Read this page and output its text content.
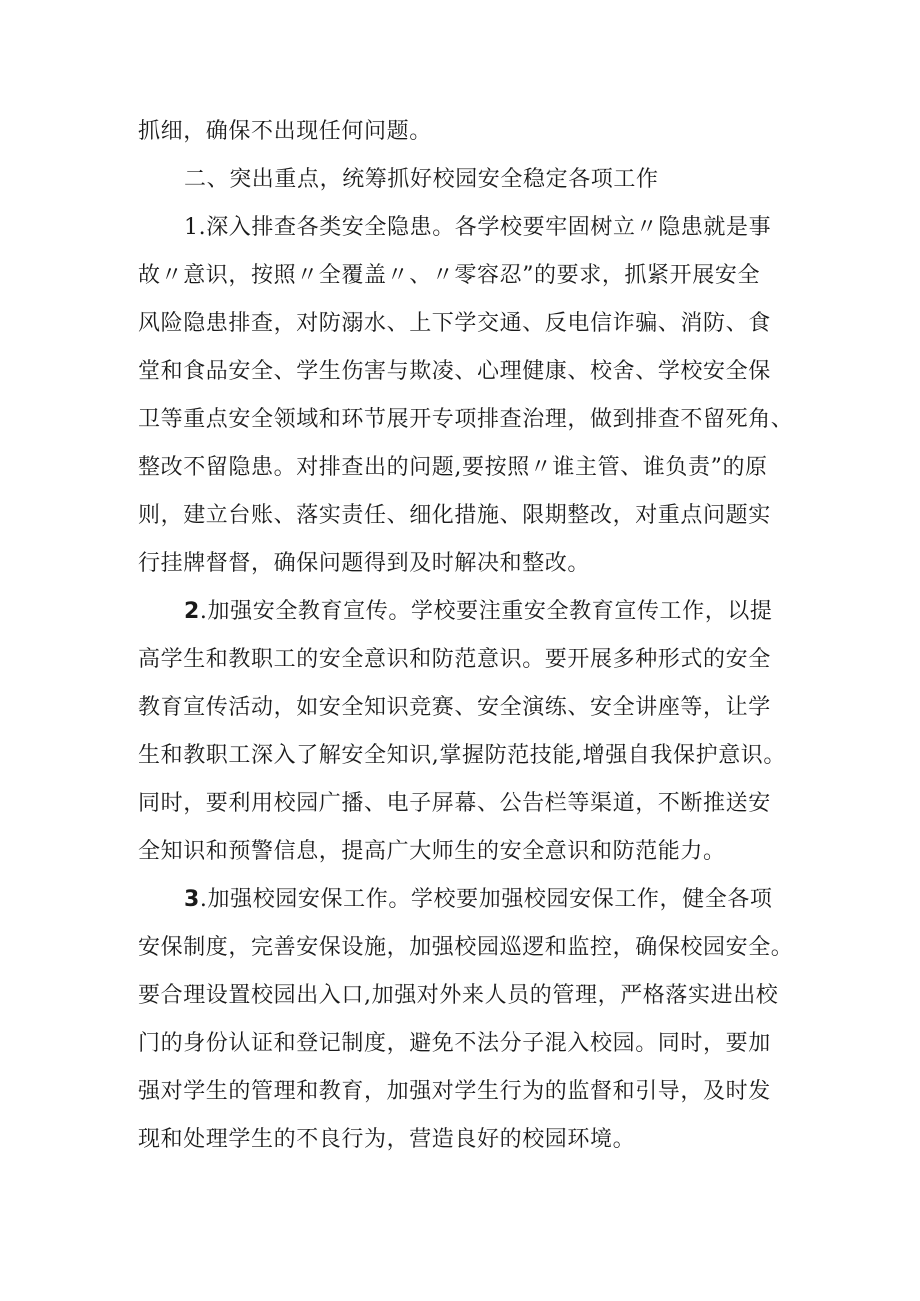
抓细，确保不出现任何问题。
二、突出重点，统筹抓好校园安全稳定各项工作
1.深入排查各类安全隐患。各学校要牢固树立〃隐患就是事
故〃意识，按照〃全覆盖〃、〃零容忍”的要求，抓紧开展安全
风险隐患排查，对防溺水、上下学交通、反电信诈骗、消防、食
堂和食品安全、学生伤害与欺凌、心理健康、校舍、学校安全保
卫等重点安全领域和环节展开专项排查治理，做到排查不留死角、
整改不留隐患。对排查出的问题,要按照〃谁主管、谁负责”的原
则，建立台账、落实责任、细化措施、限期整改，对重点问题实
行挂牌督督，确保问题得到及时解决和整改。
2.加强安全教育宣传。学校要注重安全教育宣传工作，以提
高学生和教职工的安全意识和防范意识。要开展多种形式的安全
教育宣传活动，如安全知识竞赛、安全演练、安全讲座等，让学
生和教职工深入了解安全知识,掌握防范技能,增强自我保护意识。
同时，要利用校园广播、电子屏幕、公告栏等渠道，不断推送安
全知识和预警信息，提高广大师生的安全意识和防范能力。
3.加强校园安保工作。学校要加强校园安保工作，健全各项
安保制度，完善安保设施，加强校园巡逻和监控，确保校园安全。
要合理设置校园出入口,加强对外来人员的管理，严格落实进出校
门的身份认证和登记制度，避免不法分子混入校园。同时，要加
强对学生的管理和教育，加强对学生行为的监督和引导，及时发
现和处理学生的不良行为，营造良好的校园环境。
